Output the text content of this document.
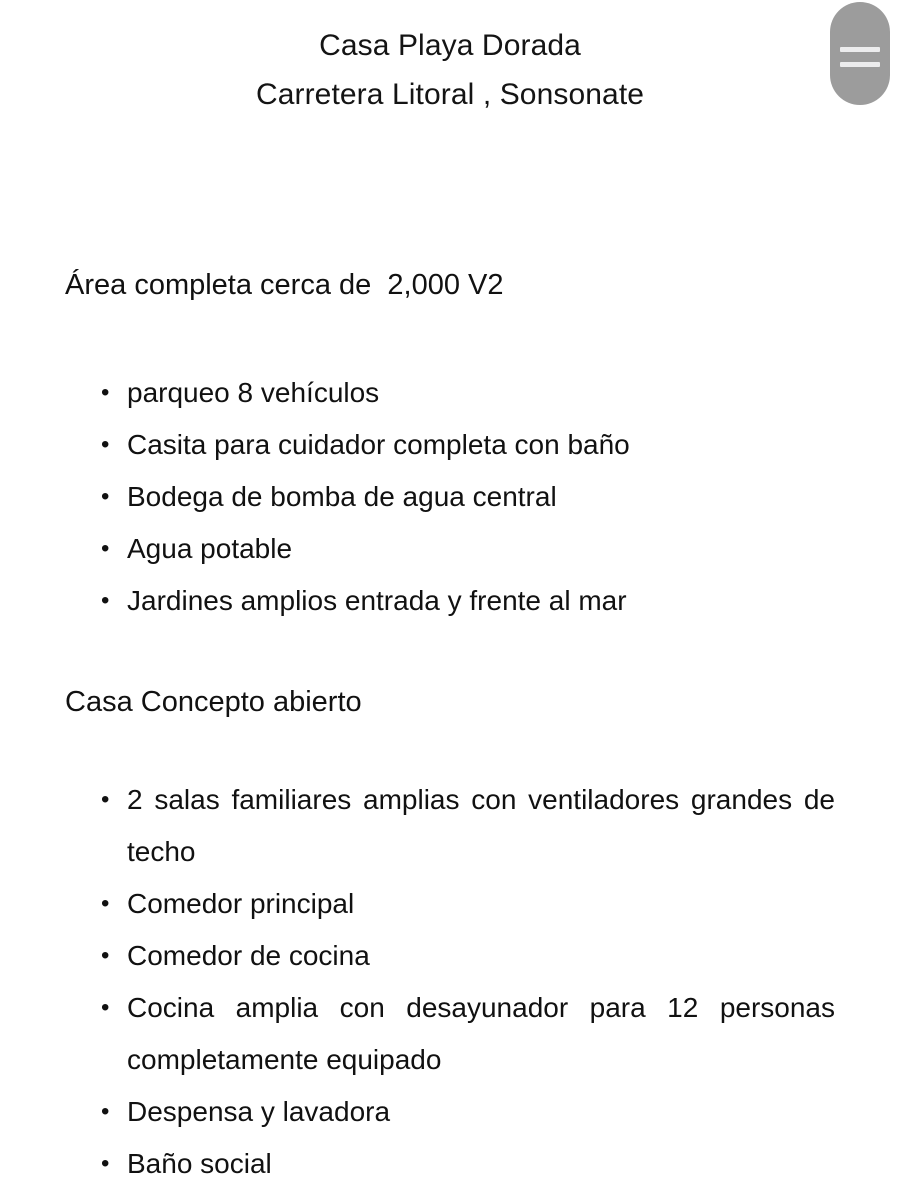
Casa Playa Dorada
Carretera Litoral , Sonsonate

Área completa cerca de  2,000 V2

• parqueo 8 vehículos
• Casita para cuidador completa con baño
• Bodega de bomba de agua central
• Agua potable
• Jardines amplios entrada y frente al mar

Casa Concepto abierto

• 2 salas familiares amplias con ventiladores grandes de techo
• Comedor principal
• Comedor de cocina
• Cocina amplia con desayunador para 12 personas completamente equipado
• Despensa y lavadora
• Baño social
